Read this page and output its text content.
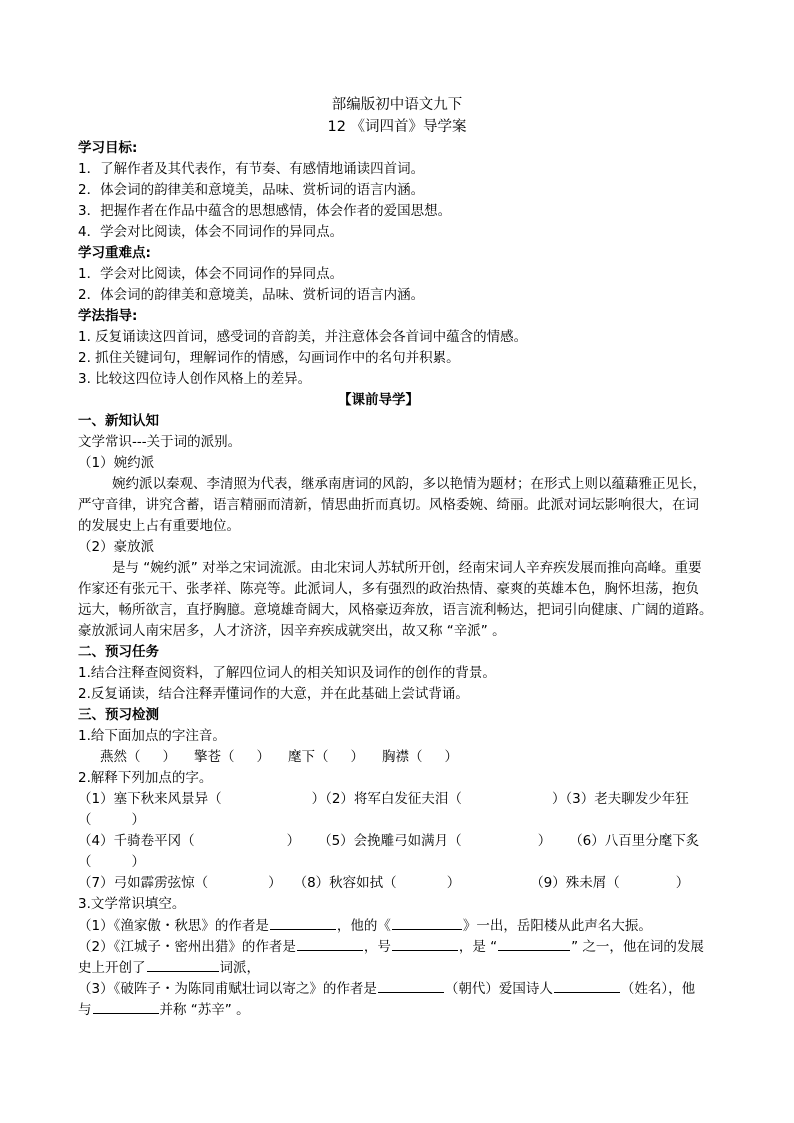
部编版初中语文九下
12 《词四首》导学案
学习目标:
1．了解作者及其代表作，有节奏、有感情地诵读四首词。
2．体会词的韵律美和意境美，品味、赏析词的语言内涵。
3．把握作者在作品中蕴含的思想感情，体会作者的爱国思想。
4．学会对比阅读，体会不同词作的异同点。
学习重难点:
1．学会对比阅读，体会不同词作的异同点。
2．体会词的韵律美和意境美，品味、赏析词的语言内涵。
学法指导:
1. 反复诵读这四首词，感受词的音韵美，并注意体会各首词中蕴含的情感。
2. 抓住关键词句，理解词作的情感，勾画词作中的名句并积累。
3. 比较这四位诗人创作风格上的差异。
【课前导学】
一、新知认知
文学常识---关于词的派别。
（1）婉约派
婉约派以秦观、李清照为代表，继承南唐词的风韵，多以艳情为题材；在形式上则以蕴藉雅正见长，
严守音律，讲究含蓄，语言精丽而清新，情思曲折而真切。风格委婉、绮丽。此派对词坛影响很大，在词
的发展史上占有重要地位。
（2）豪放派
是与 “婉约派” 对举之宋词流派。由北宋词人苏轼所开创，经南宋词人辛弃疾发展而推向高峰。重要
作家还有张元干、张孝祥、陈亮等。此派词人，多有强烈的政治热情、豪爽的英雄本色，胸怀坦荡，抱负
远大，畅所欲言，直抒胸臆。意境雄奇阔大，风格豪迈奔放，语言流利畅达，把词引向健康、广阔的道路。
豪放派词人南宋居多，人才济济，因辛弃疾成就突出，故又称 “辛派” 。
二、预习任务
1.结合注释查阅资料，了解四位词人的相关知识及词作的创作的背景。
2.反复诵读，结合注释弄懂词作的大意，并在此基础上尝试背诵。
三、预习检测
1.给下面加点的字注音。
燕然（ ） 擎苍（ ） 麾下（ ） 胸襟（ ）
2.解释下列加点的字。
（1）塞下秋来风景异（	）（2）将军白发征夫泪（	）（3）老夫聊发少年狂
（	）
（4）千骑卷平冈（	） （5）会挽雕弓如满月（	） （6）八百里分麾下炙
（	）
（7）弓如霹雳弦惊（	） （8）秋容如拭（	）	（9）殊未屑（	）
3.文学常识填空。
（1）《渔家傲・秋思》的作者是	，他的《	》一出，岳阳楼从此声名大振。
（2）《江城子・密州出猎》的作者是	，号	，是 “	” 之一，他在词的发展
史上开创了	词派，
（3）《破阵子・为陈同甫赋壮词以寄之》的作者是	（朝代）爱国诗人	（姓名），他
与	并称 “苏辛” 。
